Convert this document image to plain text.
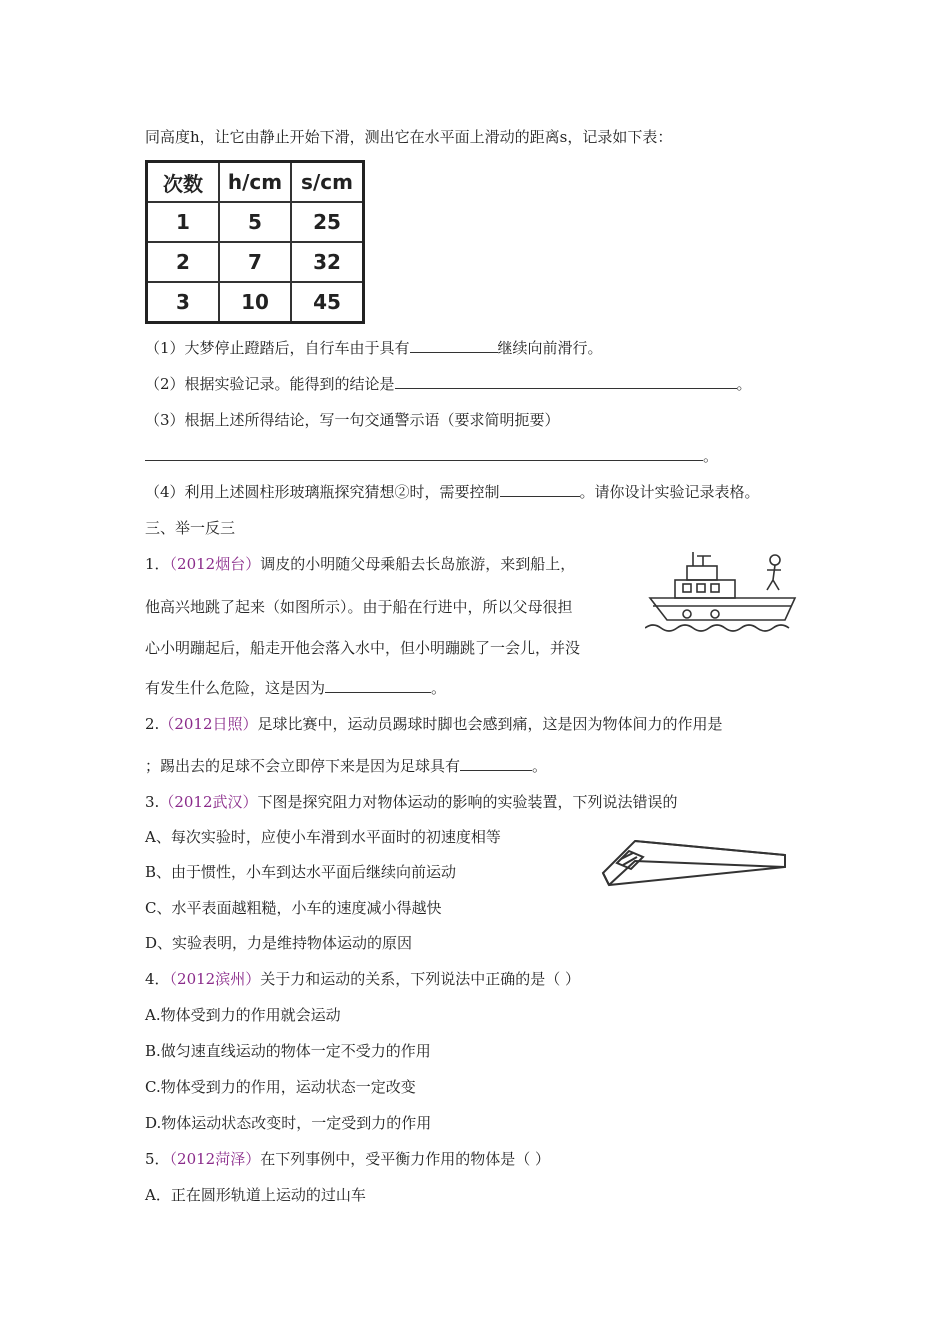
同高度h，让它由静止开始下滑，测出它在水平面上滑动的距离s，记录如下表：
次数	h/cm	s/cm
1	5	25
2	7	32
3	10	45
（1）大梦停止蹬踏后，自行车由于具有	继续向前滑行。
（2）根据实验记录。能得到的结论是	。
（3）根据上述所得结论，写一句交通警示语（要求简明扼要）
。
（4）利用上述圆柱形玻璃瓶探究猜想②时，需要控制	。请你设计实验记录表格。
三、举一反三
1．（2012烟台）调皮的小明随父母乘船去长岛旅游，来到船上，
他高兴地跳了起来（如图所示）。由于船在行进中，所以父母很担
心小明蹦起后，船走开他会落入水中，但小明蹦跳了一会儿，并没
有发生什么危险，这是因为	。
2.（2012日照）足球比赛中，运动员踢球时脚也会感到痛，这是因为物体间力的作用是
；踢出去的足球不会立即停下来是因为足球具有	。
3.（2012武汉）下图是探究阻力对物体运动的影响的实验装置，下列说法错误的
A、每次实验时，应使小车滑到水平面时的初速度相等
B、由于惯性，小车到达水平面后继续向前运动
C、水平表面越粗糙，小车的速度减小得越快
D、实验表明，力是维持物体运动的原因
4．（2012滨州）关于力和运动的关系，下列说法中正确的是（ ）
A.物体受到力的作用就会运动
B.做匀速直线运动的物体一定不受力的作用
C.物体受到力的作用，运动状态一定改变
D.物体运动状态改变时，一定受到力的作用
5．（2012菏泽）在下列事例中，受平衡力作用的物体是（ ）
A．正在圆形轨道上运动的过山车
